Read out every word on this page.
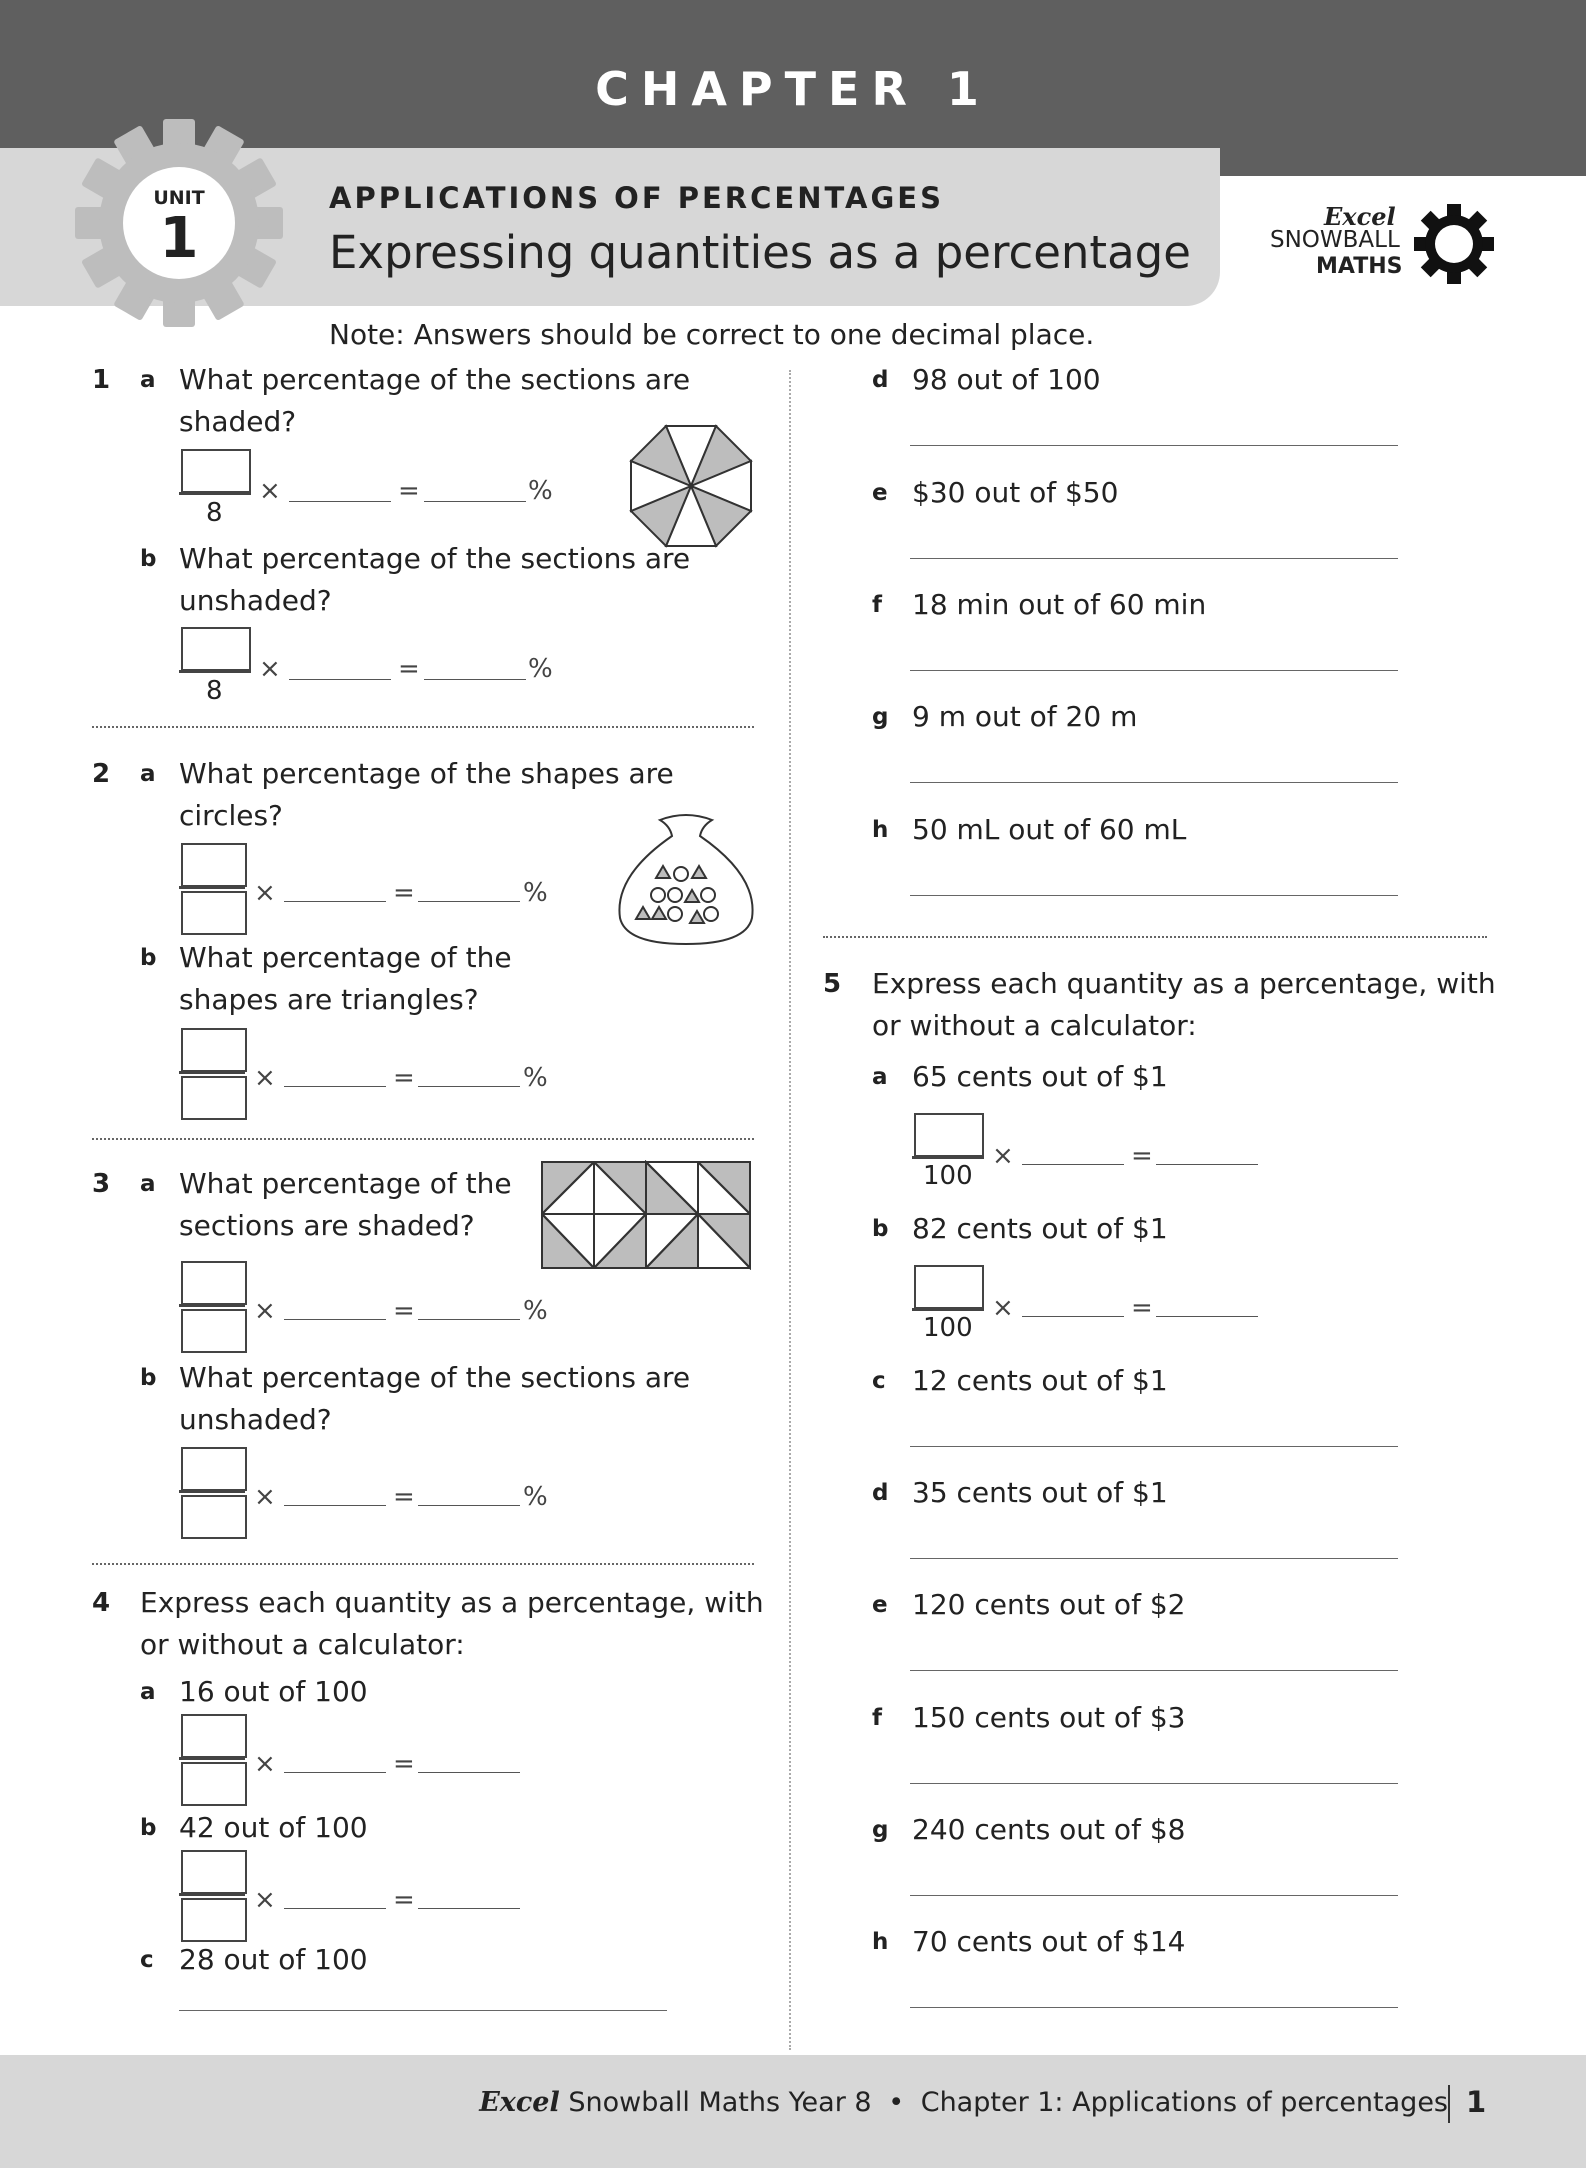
CHAPTER 1
UNIT
1
APPLICATIONS OF PERCENTAGES
Expressing quantities as a percentage
Excel
SNOWBALL
MATHS
Note: Answers should be correct to one decimal place.
1 a What percentage of the sections are
shaded?
8
×	=	%
b What percentage of the sections are
unshaded?
8
×	=	%
2 a What percentage of the shapes are
circles?
×	=	%
b What percentage of the
shapes are triangles?
×	=	%
3 a What percentage of the
sections are shaded?
×	=	%
b What percentage of the sections are
unshaded?
×	=	%
4 Express each quantity as a percentage, with
or without a calculator:
a 16 out of 100
×	=
b 42 out of 100
×	=
c 28 out of 100
d 98 out of 100
e $30 out of $50
f 18 min out of 60 min
g 9 m out of 20 m
h 50 mL out of 60 mL
5 Express each quantity as a percentage, with
or without a calculator:
a 65 cents out of $1
100
×	=
b 82 cents out of $1
100
×	=
c 12 cents out of $1
d 35 cents out of $1
e 120 cents out of $2
f 150 cents out of $3
g 240 cents out of $8
h 70 cents out of $14
Excel Snowball Maths Year 8 • Chapter 1: Applications of percentages 1
